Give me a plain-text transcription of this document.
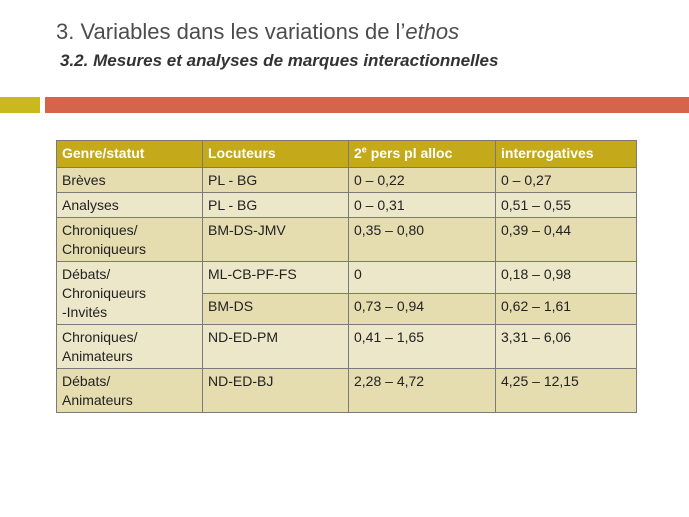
3. Variables dans les variations de l’ethos
3.2. Mesures et analyses de marques interactionnelles
Genre/statut	Locuteurs	2e pers pl alloc	interrogatives
Brèves	PL - BG	0 – 0,22	0 – 0,27
Analyses	PL - BG	0 – 0,31	0,51 – 0,55
Chroniques/
Chroniqueurs	BM-DS-JMV	0,35 – 0,80	0,39 – 0,44
Débats/
Chroniqueurs
-Invités	ML-CB-PF-FS	0	0,18 – 0,98
	BM-DS	0,73 – 0,94	0,62 – 1,61
Chroniques/
Animateurs	ND-ED-PM	0,41 – 1,65	3,31 – 6,06
Débats/
Animateurs	ND-ED-BJ	2,28 – 4,72	4,25 – 12,15
